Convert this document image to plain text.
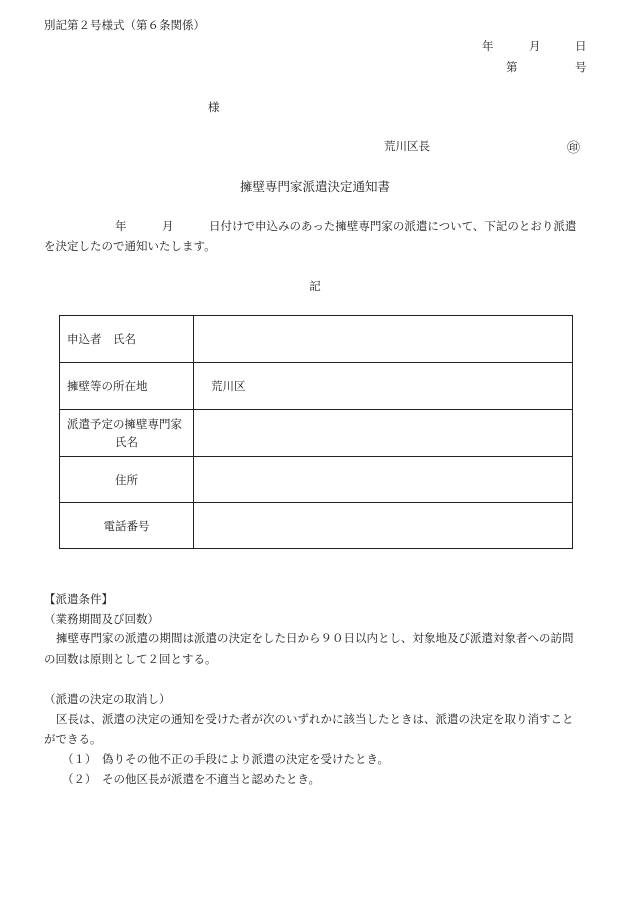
別記第２号様式（第６条関係）
年	月	日
第	号
様
荒川区長	㊞
擁壁専門家派遣決定通知書
年	月	日付けで申込みのあった擁壁専門家の派遣について、下記のとおり派遣
を決定したので通知いたします。
記
申込者　氏名	

擁壁等の所在地	荒川区

派遣予定の擁壁専門家
氏名	

住所	

電話番号	

【派遣条件】
（業務期間及び回数）
擁壁専門家の派遣の期間は派遣の決定をした日から９０日以内とし、対象地及び派遣対象者への訪問
の回数は原則として２回とする。
（派遣の決定の取消し）
区長は、派遣の決定の通知を受けた者が次のいずれかに該当したときは、派遣の決定を取り消すこと
ができる。
（１） 偽りその他不正の手段により派遣の決定を受けたとき。
（２） その他区長が派遣を不適当と認めたとき。
